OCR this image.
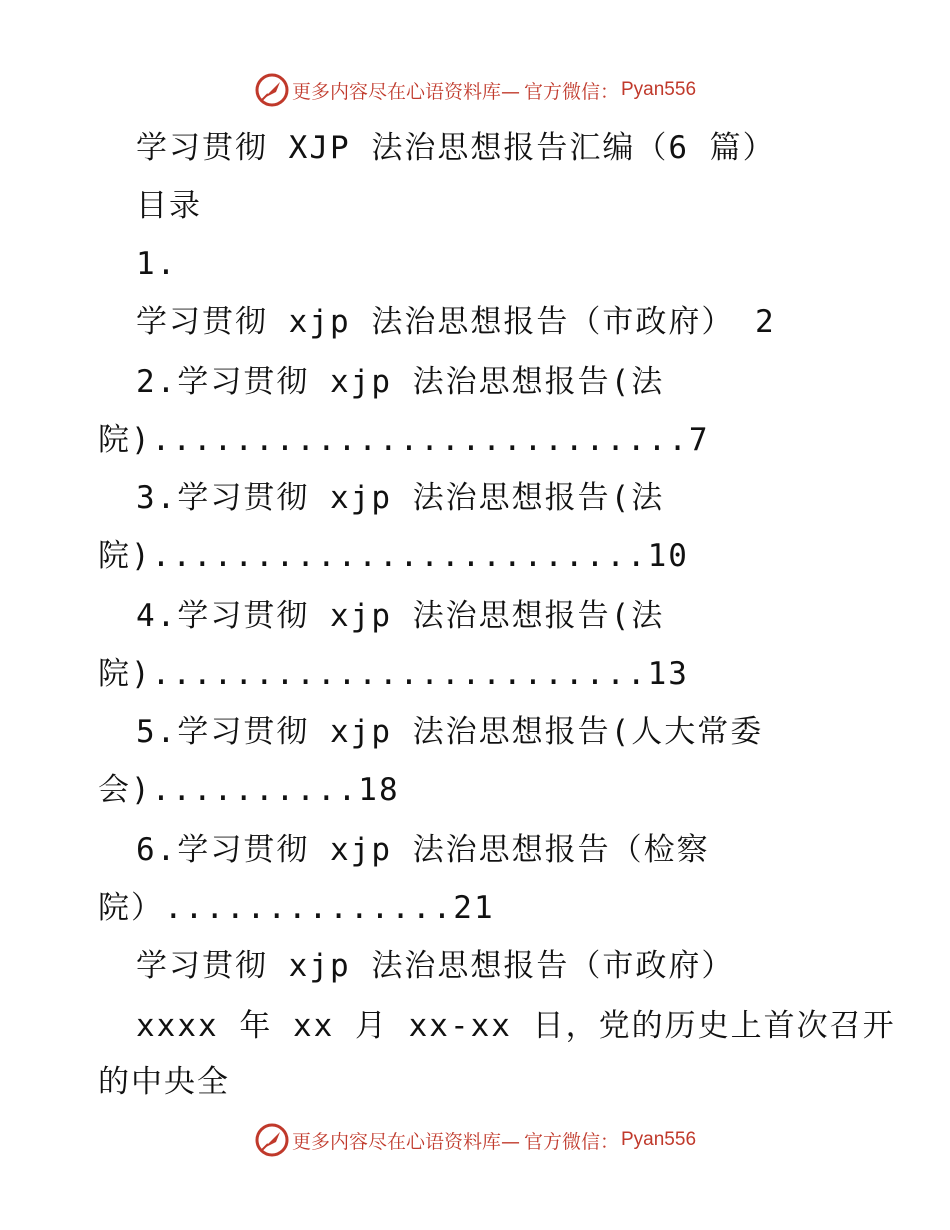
更多内容尽在心语资料库— 官方微信： Pyan556
学习贯彻 XJP 法治思想报告汇编（6 篇）
目录
1.
学习贯彻 xjp 法治思想报告（市政府） 2
2.学习贯彻 xjp 法治思想报告(法
院)..........................7
3.学习贯彻 xjp 法治思想报告(法
院)........................10
4.学习贯彻 xjp 法治思想报告(法
院)........................13
5.学习贯彻 xjp 法治思想报告(人大常委
会)..........18
6.学习贯彻 xjp 法治思想报告（检察
院）..............21
学习贯彻 xjp 法治思想报告（市政府）
xxxx 年 xx 月 xx-xx 日，党的历史上首次召开
的中央全
更多内容尽在心语资料库— 官方微信： Pyan556
